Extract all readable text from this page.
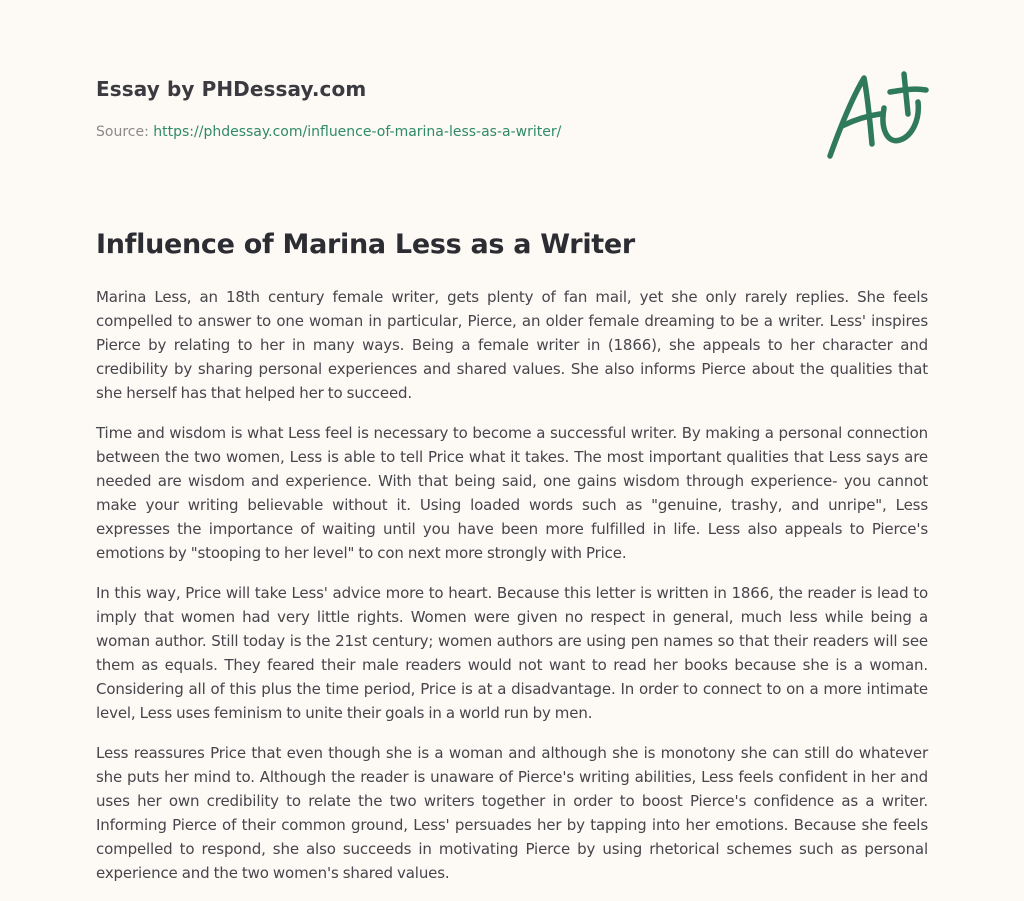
Essay by PHDessay.com
Source: https://phdessay.com/influence-of-marina-less-as-a-writer/
Influence of Marina Less as a Writer

Marina Less, an 18th century female writer, gets plenty of fan mail, yet she only rarely replies. She feels compelled to answer to one woman in particular, Pierce, an older female dreaming to be a writer. Less' inspires Pierce by relating to her in many ways. Being a female writer in (1866), she appeals to her character and credibility by sharing personal experiences and shared values. She also informs Pierce about the qualities that she herself has that helped her to succeed.

Time and wisdom is what Less feel is necessary to become a successful writer. By making a personal connection between the two women, Less is able to tell Price what it takes. The most important qualities that Less says are needed are wisdom and experience. With that being said, one gains wisdom through experience- you cannot make your writing believable without it. Using loaded words such as "genuine, trashy, and unripe", Less expresses the importance of waiting until you have been more fulfilled in life. Less also appeals to Pierce's emotions by "stooping to her level" to con next more strongly with Price.

In this way, Price will take Less' advice more to heart. Because this letter is written in 1866, the reader is lead to imply that women had very little rights. Women were given no respect in general, much less while being a woman author. Still today is the 21st century; women authors are using pen names so that their readers will see them as equals. They feared their male readers would not want to read her books because she is a woman. Considering all of this plus the time period, Price is at a disadvantage. In order to connect to on a more intimate level, Less uses feminism to unite their goals in a world run by men.

Less reassures Price that even though she is a woman and although she is monotony she can still do whatever she puts her mind to. Although the reader is unaware of Pierce's writing abilities, Less feels confident in her and uses her own credibility to relate the two writers together in order to boost Pierce's confidence as a writer. Informing Pierce of their common ground, Less' persuades her by tapping into her emotions. Because she feels compelled to respond, she also succeeds in motivating Pierce by using rhetorical schemes such as personal experience and the two women's shared values.
